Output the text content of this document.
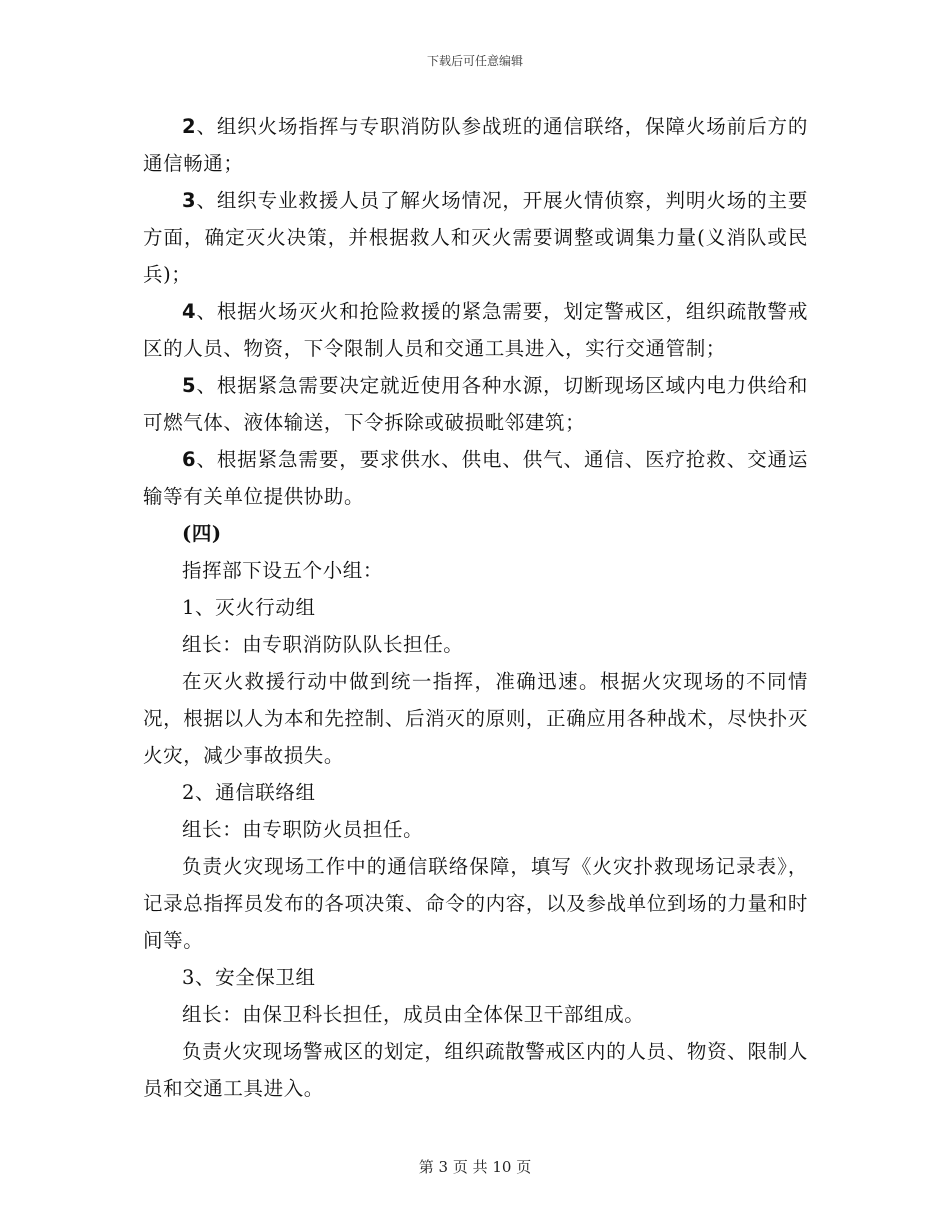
下载后可任意编辑

2、组织火场指挥与专职消防队参战班的通信联络，保障火场前后方的通信畅通；

3、组织专业救援人员了解火场情况，开展火情侦察，判明火场的主要方面，确定灭火决策，并根据救人和灭火需要调整或调集力量(义消队或民兵)；

4、根据火场灭火和抢险救援的紧急需要，划定警戒区，组织疏散警戒区的人员、物资，下令限制人员和交通工具进入，实行交通管制；

5、根据紧急需要决定就近使用各种水源，切断现场区域内电力供给和可燃气体、液体输送，下令拆除或破损毗邻建筑；

6、根据紧急需要，要求供水、供电、供气、通信、医疗抢救、交通运输等有关单位提供协助。

(四)

指挥部下设五个小组：

1、灭火行动组

组长：由专职消防队队长担任。

在灭火救援行动中做到统一指挥，准确迅速。根据火灾现场的不同情况，根据以人为本和先控制、后消灭的原则，正确应用各种战术，尽快扑灭火灾，减少事故损失。

2、通信联络组

组长：由专职防火员担任。

负责火灾现场工作中的通信联络保障，填写《火灾扑救现场记录表》，记录总指挥员发布的各项决策、命令的内容，以及参战单位到场的力量和时间等。

3、安全保卫组

组长：由保卫科长担任，成员由全体保卫干部组成。

负责火灾现场警戒区的划定，组织疏散警戒区内的人员、物资、限制人员和交通工具进入。

第 3 页 共 10 页
